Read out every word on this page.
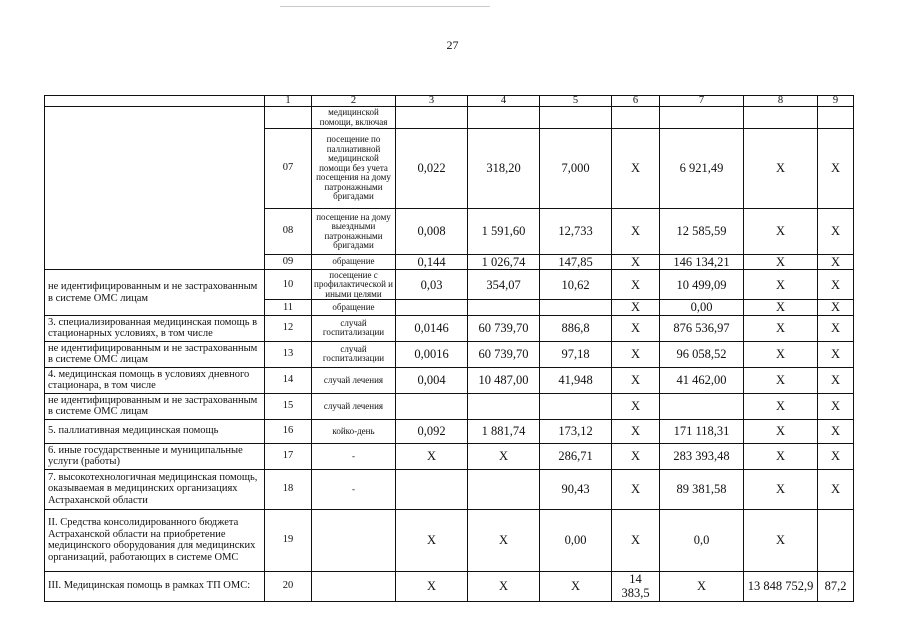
27
	1	2	3	4	5	6	7	8	9
		медицинской помощи, включая							
	07	посещение по паллиативной медицинской помощи без учета посещения на дому патронажными бригадами	0,022	318,20	7,000	Х	6 921,49	Х	Х
	08	посещение на дому выездными патронажными бригадами	0,008	1 591,60	12,733	Х	12 585,59	Х	Х
	09	обращение	0,144	1 026,74	147,85	Х	146 134,21	Х	Х
не идентифицированным и не застрахованным в системе ОМС лицам	10	посещение с профилактической и иными целями	0,03	354,07	10,62	Х	10 499,09	Х	Х
	11	обращение				Х	0,00	Х	Х
3. специализированная медицинская помощь в стационарных условиях, в том числе	12	случай госпитализации	0,0146	60 739,70	886,8	Х	876 536,97	Х	Х
не идентифицированным и не застрахованным в системе ОМС лицам	13	случай госпитализации	0,0016	60 739,70	97,18	Х	96 058,52	Х	Х
4. медицинская помощь в условиях дневного стационара, в том числе	14	случай лечения	0,004	10 487,00	41,948	Х	41 462,00	Х	Х
не идентифицированным и не застрахованным в системе ОМС лицам	15	случай лечения				Х		Х	Х
5. паллиативная медицинская помощь	16	койко-день	0,092	1 881,74	173,12	Х	171 118,31	Х	Х
6. иные государственные и муниципальные услуги (работы)	17	-	Х	Х	286,71	Х	283 393,48	Х	Х
7. высокотехнологичная медицинская помощь, оказываемая в медицинских организациях Астраханской области	18	-			90,43	Х	89 381,58	Х	Х
II. Средства консолидированного бюджета Астраханской области на приобретение медицинского оборудования для медицинских организаций, работающих в системе ОМС	19		Х	Х	0,00	Х	0,0	Х	
III. Медицинская помощь в рамках ТП ОМС:	20		Х	Х	Х	14 383,5	Х	13 848 752,9	87,2
